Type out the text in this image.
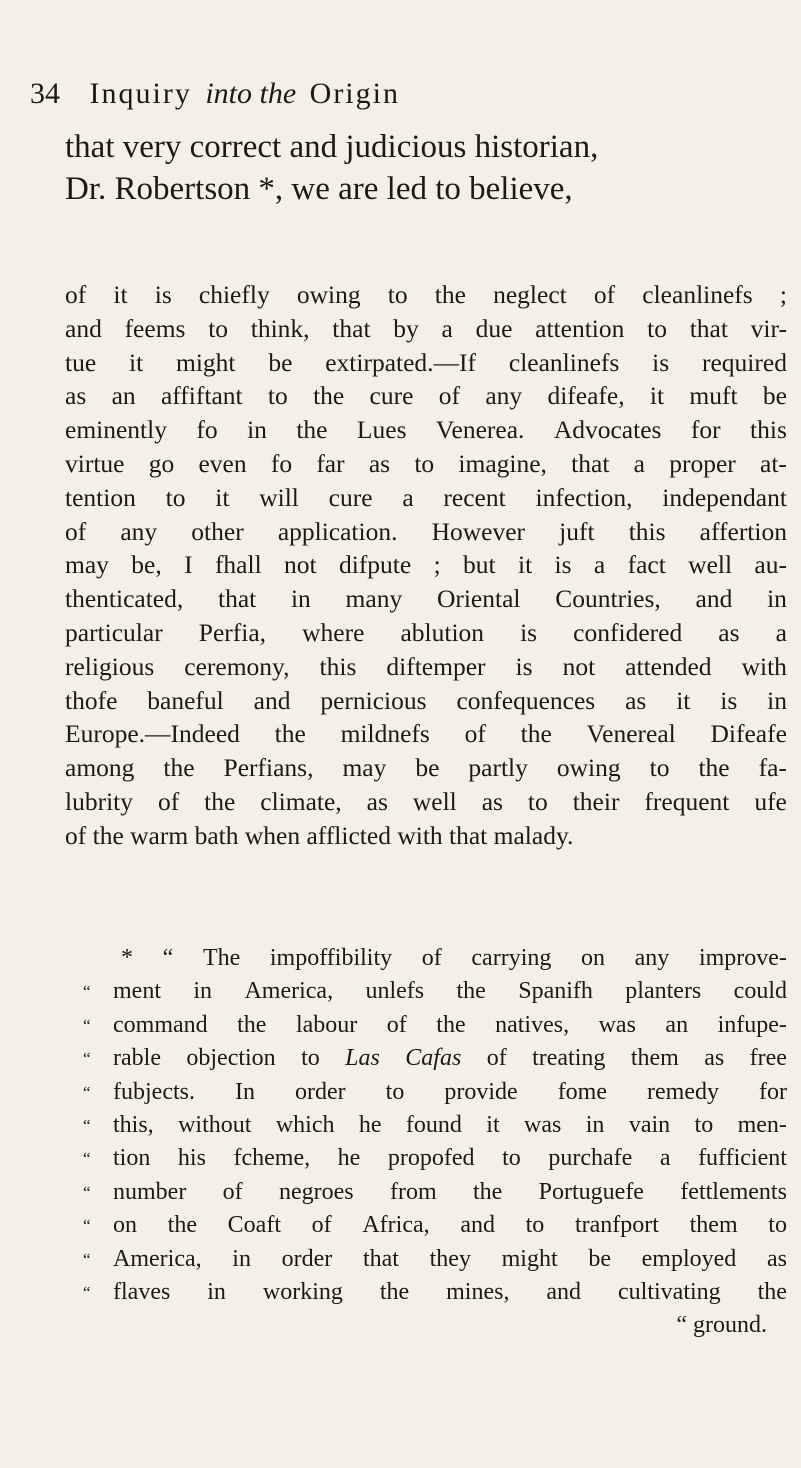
34 Inquiry into the Origin
that very correct and judicious historian,
Dr. Robertson *, we are led to believe,
of it is chiefly owing to the neglect of cleanlinefs ;
and feems to think, that by a due attention to that vir-
tue it might be extirpated.—If cleanlinefs is required
as an affiftant to the cure of any difeafe, it muft be
eminently fo in the Lues Venerea. Advocates for this
virtue go even fo far as to imagine, that a proper at-
tention to it will cure a recent infection, independant
of any other application. However juft this affertion
may be, I fhall not difpute ; but it is a fact well au-
thenticated, that in many Oriental Countries, and in
particular Perfia, where ablution is confidered as a
religious ceremony, this diftemper is not attended with
thofe baneful and pernicious confequences as it is in
Europe.—Indeed the mildnefs of the Venereal Difeafe
among the Perfians, may be partly owing to the fa-
lubrity of the climate, as well as to their frequent ufe
of the warm bath when afflicted with that malady.
* “ The impoffibility of carrying on any improve-
“ ment in America, unlefs the Spanifh planters could
“ command the labour of the natives, was an infupe-
“ rable objection to Las Cafas of treating them as free
“ fubjects. In order to provide fome remedy for
“ this, without which he found it was in vain to men-
“ tion his fcheme, he propofed to purchafe a fufficient
“ number of negroes from the Portuguefe fettlements
“ on the Coaft of Africa, and to tranfport them to
“ America, in order that they might be employed as
“ flaves in working the mines, and cultivating the
“ ground.
